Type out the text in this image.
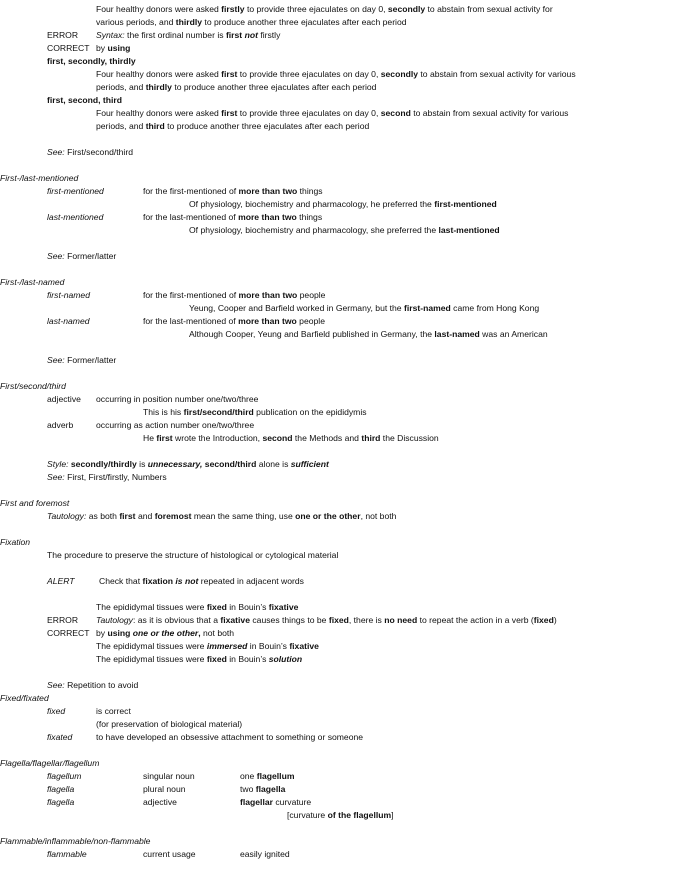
Four healthy donors were asked firstly to provide three ejaculates on day 0, secondly to abstain from sexual activity for
various periods, and thirdly to produce another three ejaculates after each period
ERROR Syntax: the first ordinal number is first not firstly
CORRECT by using
first, secondly, thirdly
Four healthy donors were asked first to provide three ejaculates on day 0, secondly to abstain from sexual activity for various
periods, and thirdly to produce another three ejaculates after each period
first, second, third
Four healthy donors were asked first to provide three ejaculates on day 0, second to abstain from sexual activity for various
periods, and third to produce another three ejaculates after each period
See: First/second/third
First-/last-mentioned
first-mentioned	for the first-mentioned of more than two things
Of physiology, biochemistry and pharmacology, he preferred the first-mentioned
last-mentioned	for the last-mentioned of more than two things
Of physiology, biochemistry and pharmacology, she preferred the last-mentioned
See: Former/latter
First-/last-named
first-named	for the first-mentioned of more than two people
Yeung, Cooper and Barfield worked in Germany, but the first-named came from Hong Kong
last-named	for the last-mentioned of more than two people
Although Cooper, Yeung and Barfield published in Germany, the last-named was an American
See: Former/latter
First/second/third
adjective occurring in position number one/two/three
This is his first/second/third publication on the epididymis
adverb	occurring as action number one/two/three
He first wrote the Introduction, second the Methods and third the Discussion
Style: secondly/thirdly is unnecessary, second/third alone is sufficient
See: First, First/firstly, Numbers
First and foremost
Tautology: as both first and foremost mean the same thing, use one or the other, not both
Fixation
The procedure to preserve the structure of histological or cytological material
ALERT	Check that fixation is not repeated in adjacent words
The epididymal tissues were fixed in Bouin’s fixative
ERROR Tautology: as it is obvious that a fixative causes things to be fixed, there is no need to repeat the action in a verb (fixed)
CORRECT by using one or the other, not both
The epididymal tissues were immersed in Bouin’s fixative
The epididymal tissues were fixed in Bouin’s solution
See: Repetition to avoid
Fixed/fixated
fixed	is correct
(for preservation of biological material)
fixated	to have developed an obsessive attachment to something or someone
Flagella/flagellar/flagellum
flagellum	singular noun	one flagellum
flagella	plural noun	two flagella
flagella	adjective	flagellar curvature
[curvature of the flagellum]
Flammable/inflammable/non-flammable
flammable	current usage	easily ignited
